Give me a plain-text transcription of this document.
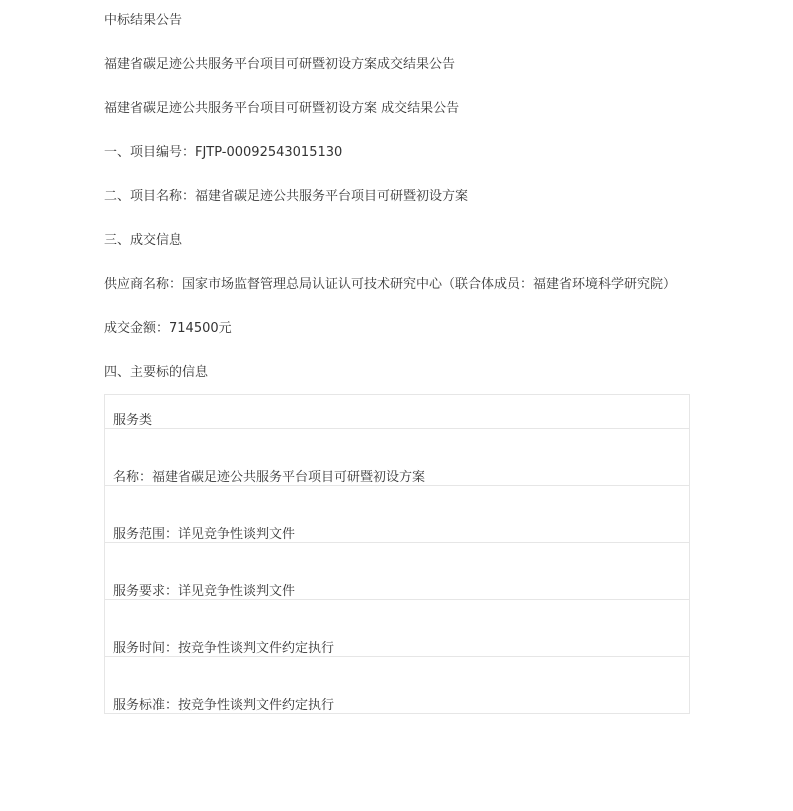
中标结果公告
福建省碳足迹公共服务平台项目可研暨初设方案成交结果公告
福建省碳足迹公共服务平台项目可研暨初设方案 成交结果公告
一、项目编号：FJTP-00092543015130
二、项目名称：福建省碳足迹公共服务平台项目可研暨初设方案
三、成交信息
供应商名称：国家市场监督管理总局认证认可技术研究中心（联合体成员：福建省环境科学研究院）
成交金额：714500元
四、主要标的信息
服务类
名称：福建省碳足迹公共服务平台项目可研暨初设方案
服务范围：详见竞争性谈判文件
服务要求：详见竞争性谈判文件
服务时间：按竞争性谈判文件约定执行
服务标准：按竞争性谈判文件约定执行
